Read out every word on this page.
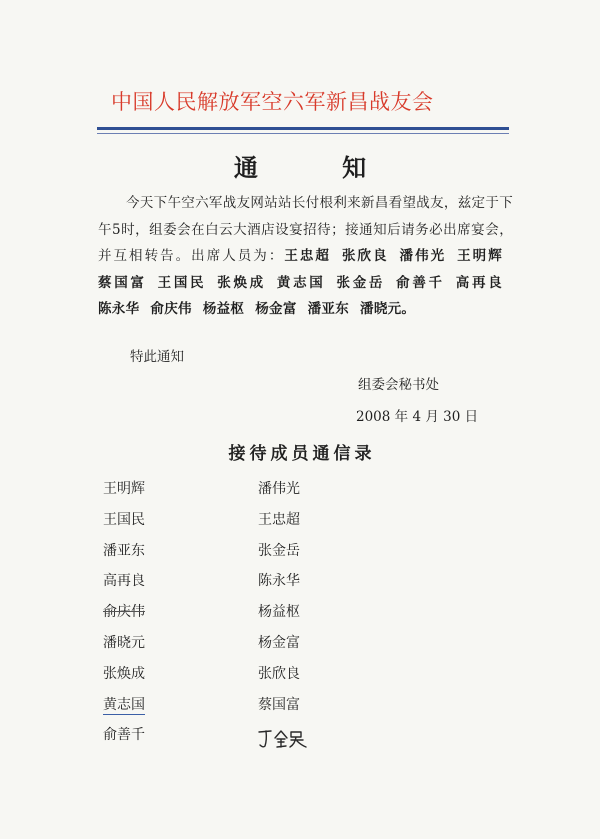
中国人民解放军空六军新昌战友会
通 知
今天下午空六军战友网站站长付根利来新昌看望战友，兹定于下午5时，组委会在白云大酒店设宴招待；接通知后请务必出席宴会，并互相转告。出席人员为：王忠超 张欣良 潘伟光 王明辉蔡国富 王国民 张焕成 黄志国 张金岳 俞善千 高再良陈永华 俞庆伟 杨益枢 杨金富 潘亚东 潘晓元。
特此通知
组委会秘书处
2008 年 4 月 30 日
接待成员通信录
王明辉	潘伟光
王国民	王忠超
潘亚东	张金岳
高再良	陈永华
俞庆伟	杨益枢
潘晓元	杨金富
张焕成	张欣良
黄志国	蔡国富
俞善千
